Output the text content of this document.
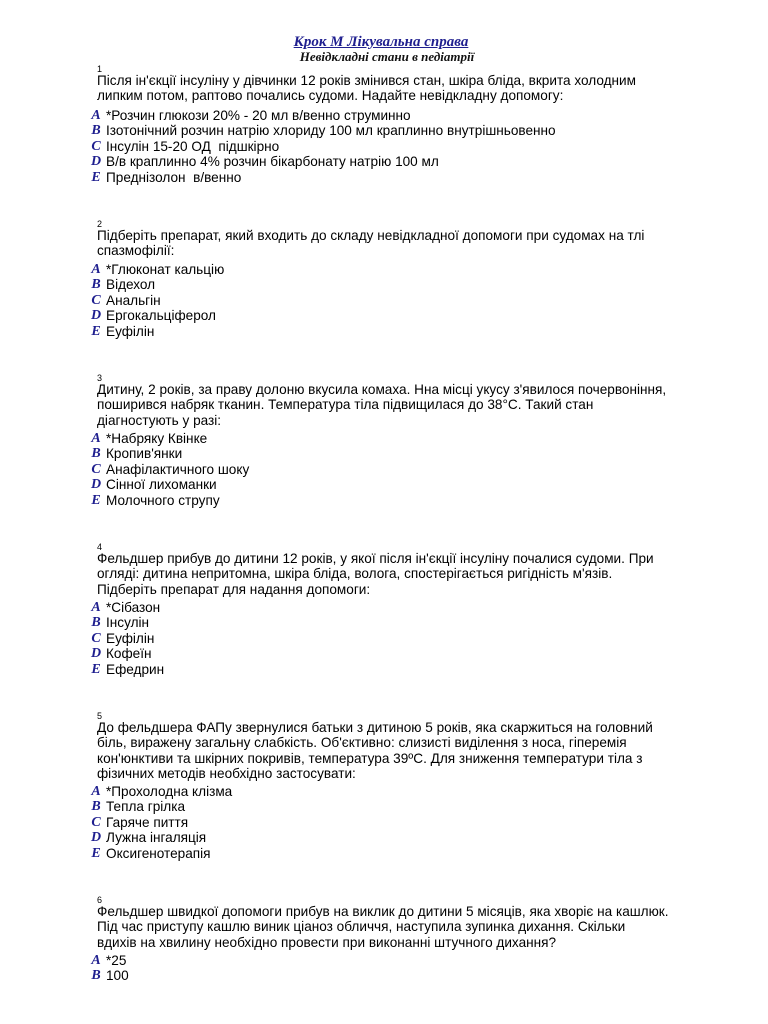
Крок М Лікувальна справа
Невідкладні стани в педіатрії
1
Після ін'єкції інсуліну у дівчинки 12 років змінився стан, шкіра бліда, вкрита холодним
липким потом, раптово почались судоми. Надайте невідкладну допомогу:
A *Розчин глюкози 20% - 20 мл в/венно струминно
B Ізотонічний розчин натрію хлориду 100 мл краплинно внутрішньовенно
C Інсулін 15-20 ОД  підшкірно
D В/в краплинно 4% розчин бікарбонату натрію 100 мл
E Преднізолон  в/венно
2
Підберіть препарат, який входить до складу невідкладної допомоги при судомах на тлі
спазмофілії:
A *Глюконат кальцію
B Відехол
C Анальгін
D Ергокальціферол
E Еуфілін
3
Дитину, 2 років, за праву долоню вкусила комаха. Нна місці укусу з'явилося почервоніння,
поширився набряк тканин. Температура тіла підвищилася до 38°С. Такий стан
діагностують у разі:
A *Набряку Квінке
B Кропив'янки
C Анафілактичного шоку
D Сінної лихоманки
E Молочного струпу
4
Фельдшер прибув до дитини 12 років, у якої після ін'єкції інсуліну почалися судоми. При
огляді: дитина непритомна, шкіра бліда, волога, спостерігається ригідність м'язів.
Підберіть препарат для надання допомоги:
A *Сібазон
B Інсулін
C Еуфілін
D Кофеїн
E Ефедрин
5
До фельдшера ФАПу звернулися батьки з дитиною 5 років, яка скаржиться на головний
біль, виражену загальну слабкість. Об'єктивно: слизисті виділення з носа, гіперемія
кон'юнктиви та шкірних покривів, температура 39ºС. Для зниження температури тіла з
фізичних методів необхідно застосувати:
A *Прохолодна клізма
B Тепла грілка
C Гаряче пиття
D Лужна інгаляція
E Оксигенотерапія
6
Фельдшер швидкої допомоги прибув на виклик до дитини 5 місяців, яка хворіє на кашлюк.
Під час приступу кашлю виник ціаноз обличчя, наступила зупинка дихання. Скільки
вдихів на хвилину необхідно провести при виконанні штучного дихання?
A *25
B 100
